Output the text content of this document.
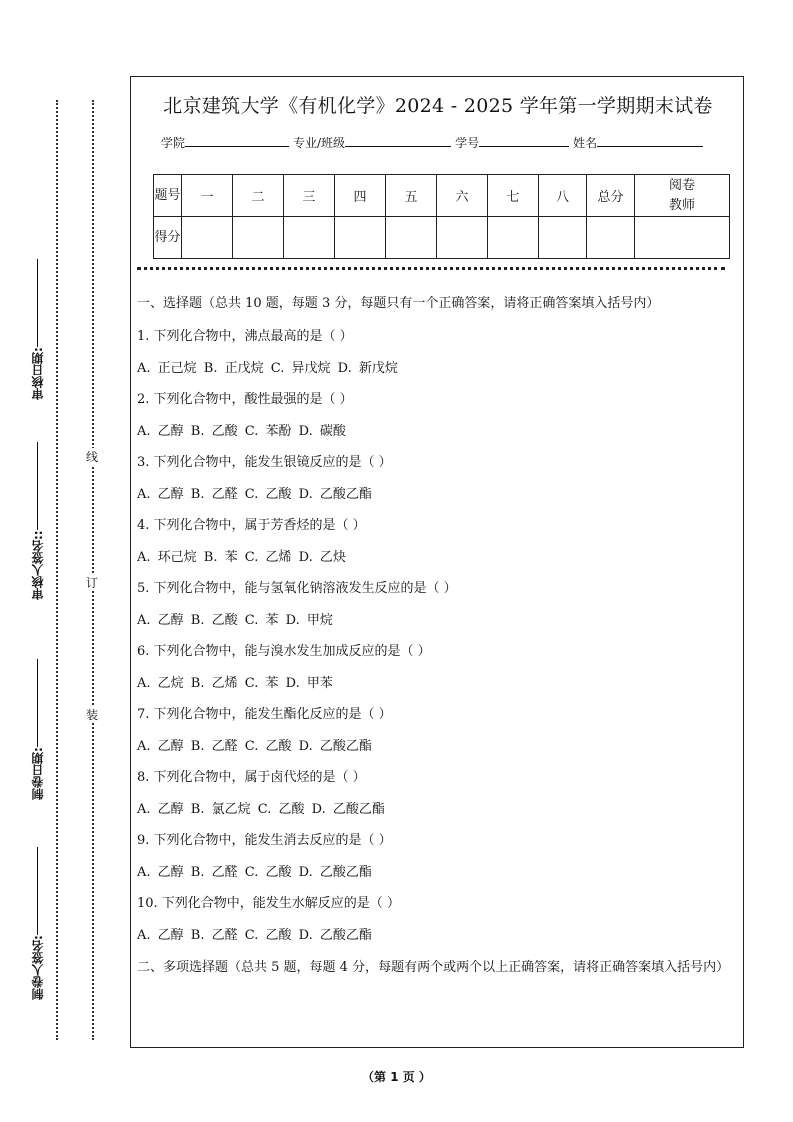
审核日期:
审核人签名::
制卷日期:
制卷人签名:
线
订
装
北京建筑大学《有机化学》2024 - 2025 学年第一学期期末试卷
学院	专业/班级	学号	姓名
题号	一	二	三	四	五	六	七	八	总分	阅卷教师

得分										

一、选择题（总共 10 题，每题 3 分，每题只有一个正确答案，请将正确答案填入括号内）

1. 下列化合物中，沸点最高的是（ ）

A. 正己烷 B. 正戊烷 C. 异戊烷 D. 新戊烷

2. 下列化合物中，酸性最强的是（ ）

A. 乙醇 B. 乙酸 C. 苯酚 D. 碳酸

3. 下列化合物中，能发生银镜反应的是（ ）

A. 乙醇 B. 乙醛 C. 乙酸 D. 乙酸乙酯

4. 下列化合物中，属于芳香烃的是（ ）

A. 环己烷 B. 苯 C. 乙烯 D. 乙炔

5. 下列化合物中，能与氢氧化钠溶液发生反应的是（ ）

A. 乙醇 B. 乙酸 C. 苯 D. 甲烷

6. 下列化合物中，能与溴水发生加成反应的是（ ）

A. 乙烷 B. 乙烯 C. 苯 D. 甲苯

7. 下列化合物中，能发生酯化反应的是（ ）

A. 乙醇 B. 乙醛 C. 乙酸 D. 乙酸乙酯

8. 下列化合物中，属于卤代烃的是（ ）

A. 乙醇 B. 氯乙烷 C. 乙酸 D. 乙酸乙酯

9. 下列化合物中，能发生消去反应的是（ ）

A. 乙醇 B. 乙醛 C. 乙酸 D. 乙酸乙酯

10. 下列化合物中，能发生水解反应的是（ ）

A. 乙醇 B. 乙醛 C. 乙酸 D. 乙酸乙酯

二、多项选择题（总共 5 题，每题 4 分，每题有两个或两个以上正确答案，请将正确答案填入括号内）

（第 1 页 ）
